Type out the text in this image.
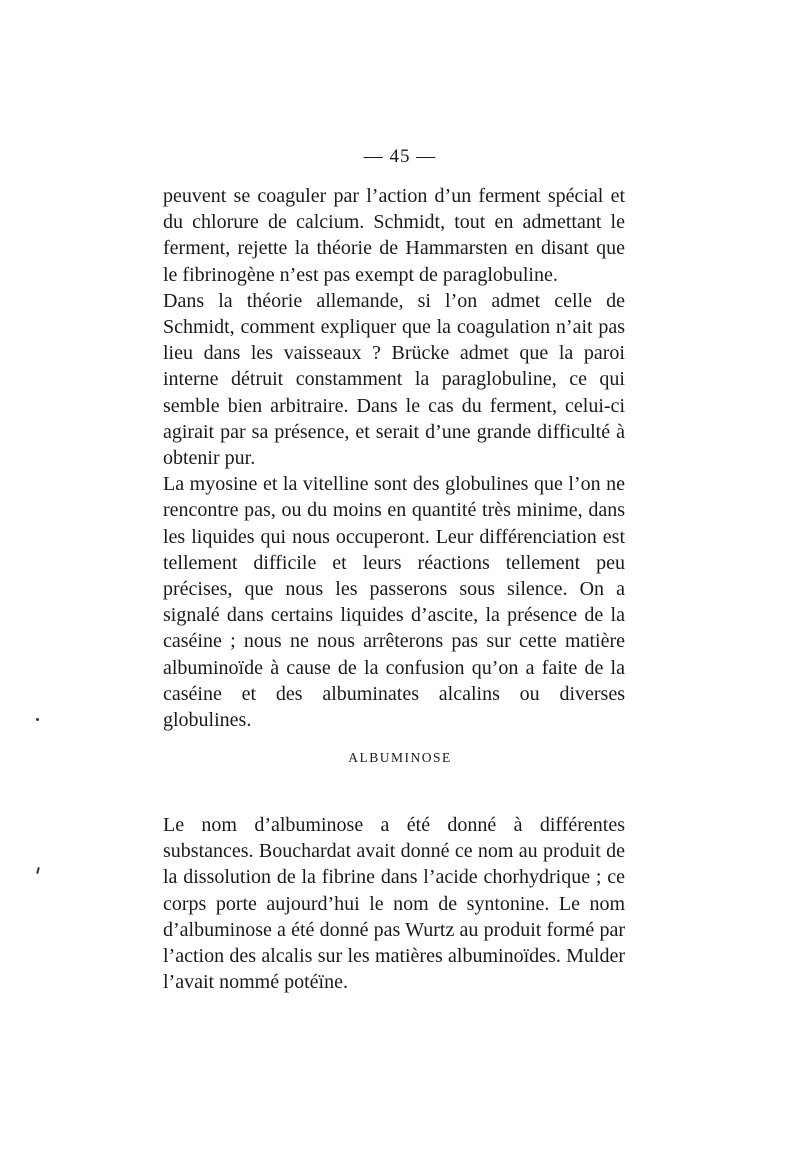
— 45 —

peuvent se coaguler par l’action d’un ferment spécial et du chlorure de calcium. Schmidt, tout en admettant le ferment, rejette la théorie de Hammarsten en disant que le fibrinogène n’est pas exempt de paraglobuline.

Dans la théorie allemande, si l’on admet celle de Schmidt, comment expliquer que la coagulation n’ait pas lieu dans les vaisseaux ? Brücke admet que la paroi interne détruit constamment la paraglobuline, ce qui semble bien arbitraire. Dans le cas du ferment, celui-ci agirait par sa présence, et serait d’une grande difficulté à obtenir pur.

La myosine et la vitelline sont des globulines que l’on ne rencontre pas, ou du moins en quantité très minime, dans les liquides qui nous occuperont. Leur différenciation est tellement difficile et leurs réactions tellement peu précises, que nous les passerons sous silence. On a signalé dans certains liquides d’ascite, la présence de la caséine ; nous ne nous arrêterons pas sur cette matière albuminoïde à cause de la confusion qu’on a faite de la caséine et des albuminates alcalins ou diverses globulines.

ALBUMINOSE

Le nom d’albuminose a été donné à différentes substances. Bouchardat avait donné ce nom au produit de la dissolution de la fibrine dans l’acide chorhydrique ; ce corps porte aujourd’hui le nom de syntonine. Le nom d’albuminose a été donné pas Wurtz au produit formé par l’action des alcalis sur les matières albuminoïdes. Mulder l’avait nommé potéïne.
